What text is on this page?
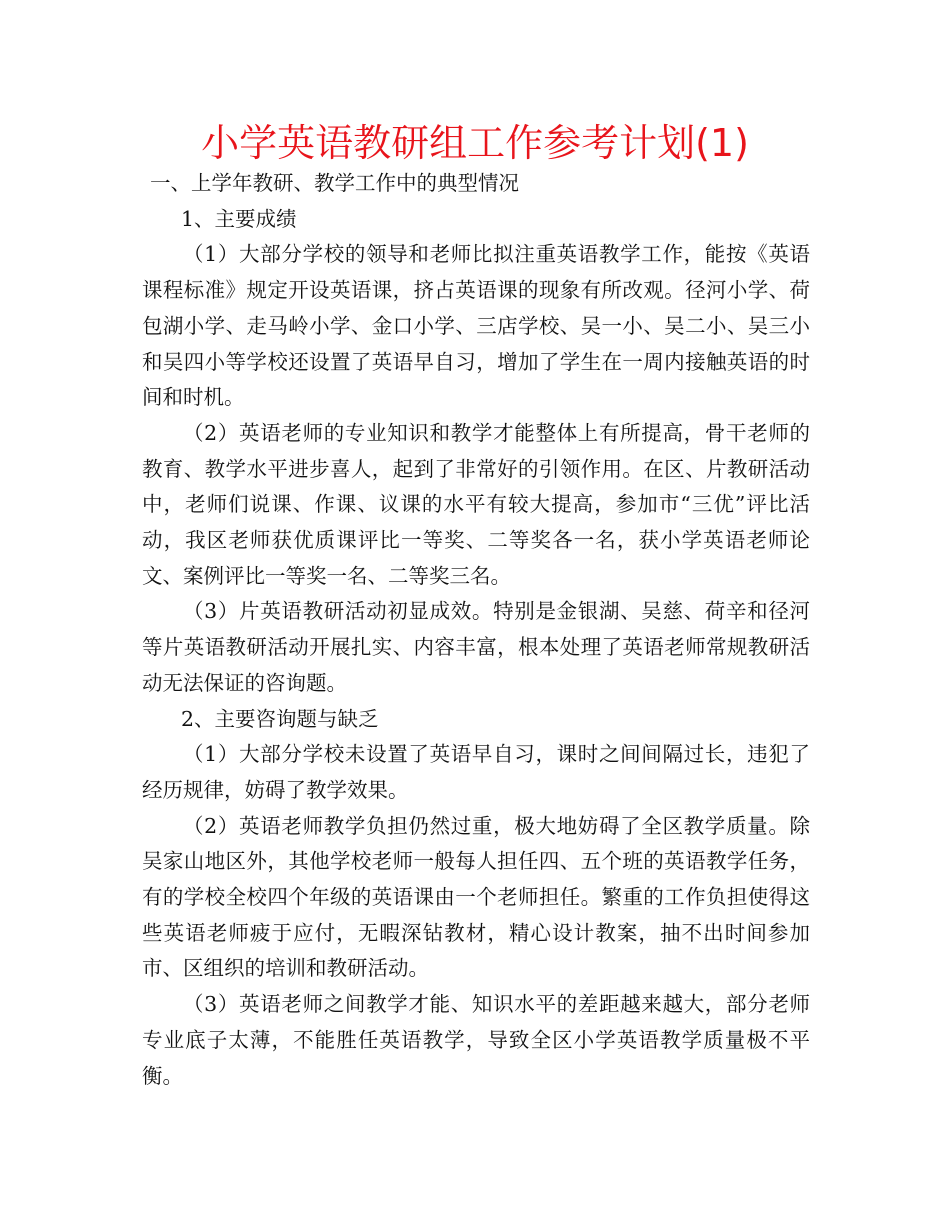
小学英语教研组工作参考计划(1)

一、上学年教研、教学工作中的典型情况

1、主要成绩

（1）大部分学校的领导和老师比拟注重英语教学工作，能按《英语课程标准》规定开设英语课，挤占英语课的现象有所改观。径河小学、荷包湖小学、走马岭小学、金口小学、三店学校、吴一小、吴二小、吴三小和吴四小等学校还设置了英语早自习，增加了学生在一周内接触英语的时间和时机。

（2）英语老师的专业知识和教学才能整体上有所提高，骨干老师的教育、教学水平进步喜人，起到了非常好的引领作用。在区、片教研活动中，老师们说课、作课、议课的水平有较大提高，参加市“三优”评比活动，我区老师获优质课评比一等奖、二等奖各一名，获小学英语老师论文、案例评比一等奖一名、二等奖三名。

（3）片英语教研活动初显成效。特别是金银湖、吴慈、荷辛和径河等片英语教研活动开展扎实、内容丰富，根本处理了英语老师常规教研活动无法保证的咨询题。

2、主要咨询题与缺乏

（1）大部分学校未设置了英语早自习，课时之间间隔过长，违犯了经历规律，妨碍了教学效果。

（2）英语老师教学负担仍然过重，极大地妨碍了全区教学质量。除吴家山地区外，其他学校老师一般每人担任四、五个班的英语教学任务，有的学校全校四个年级的英语课由一个老师担任。繁重的工作负担使得这些英语老师疲于应付，无暇深钻教材，精心设计教案，抽不出时间参加市、区组织的培训和教研活动。

（3）英语老师之间教学才能、知识水平的差距越来越大，部分老师专业底子太薄，不能胜任英语教学，导致全区小学英语教学质量极不平衡。
